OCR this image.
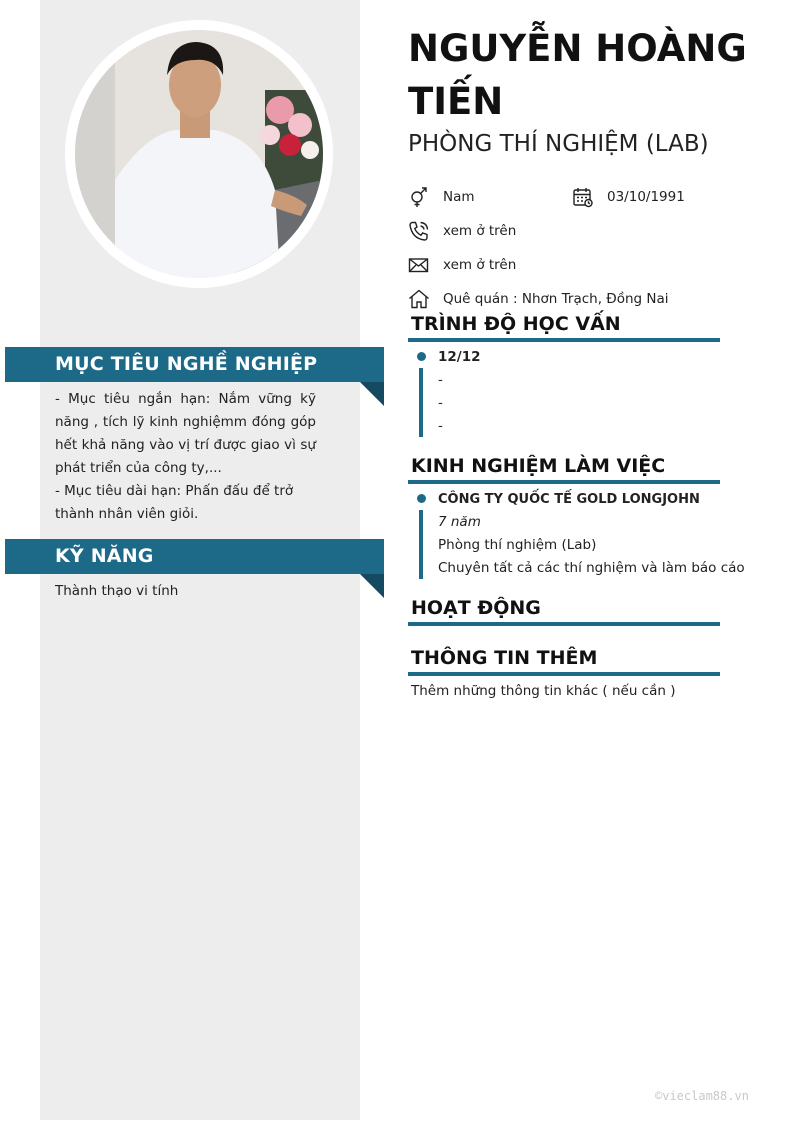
MỤC TIÊU NGHỀ NGHIỆP
- Mục tiêu ngắn hạn: Nắm vững kỹ năng , tích lỹ kinh nghiệmm đóng góp hết khả năng vào vị trí được giao vì sự phát triển của công ty,...
- Mục tiêu dài hạn: Phấn đấu để trở thành nhân viên giỏi.
KỸ NĂNG
Thành thạo vi tính
NGUYỄN HOÀNG TIẾN
PHÒNG THÍ NGHIỆM (LAB)
Nam	03/10/1991
xem ở trên
xem ở trên
Quê quán : Nhơn Trạch, Đồng Nai
TRÌNH ĐỘ HỌC VẤN
12/12
-
-
-
KINH NGHIỆM LÀM VIỆC
CÔNG TY QUỐC TẾ GOLD LONGJOHN
7 năm
Phòng thí nghiệm (Lab)
Chuyên tất cả các thí nghiệm và làm báo cáo
HOẠT ĐỘNG
THÔNG TIN THÊM
Thêm những thông tin khác ( nếu cần )
©vieclam88.vn
